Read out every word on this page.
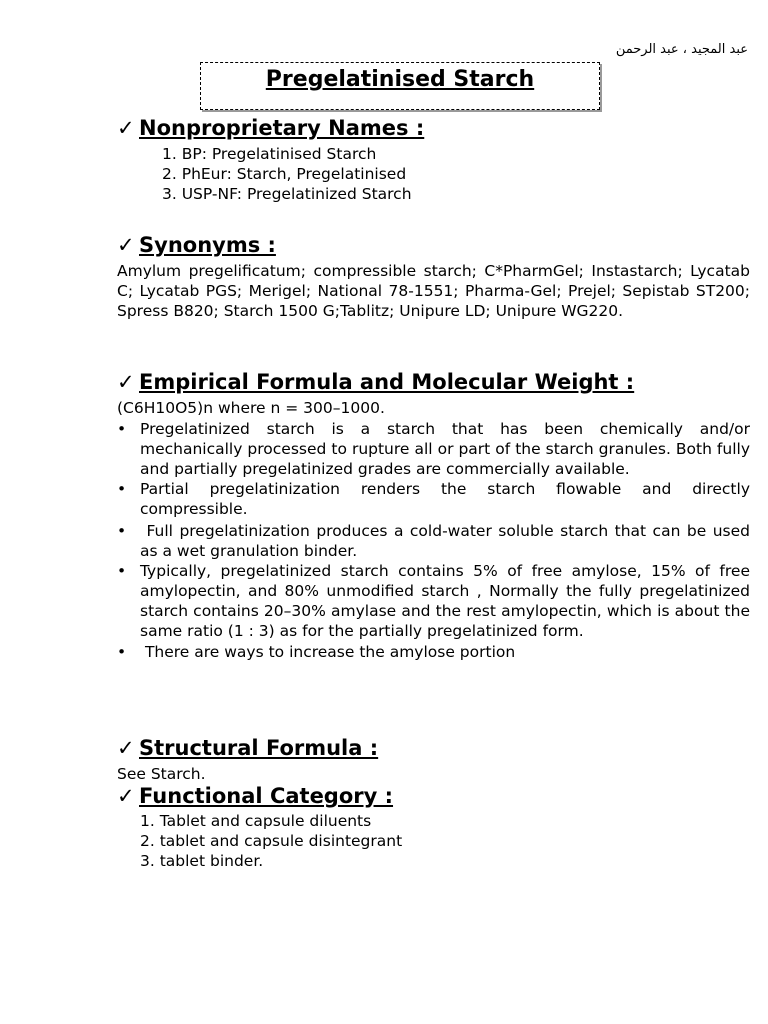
عبد المجيد ، عبد الرحمن
Pregelatinised Starch
✓ Nonproprietary Names :
1. BP: Pregelatinised Starch
2. PhEur: Starch, Pregelatinised
3. USP-NF: Pregelatinized Starch
✓ Synonyms :

Amylum pregelificatum; compressible starch; C*PharmGel; Instastarch; Lycatab C; Lycatab PGS; Merigel; National 78-1551; Pharma-Gel; Prejel; Sepistab ST200; Spress B820; Starch 1500 G;Tablitz; Unipure LD; Unipure WG220.

✓ Empirical Formula and Molecular Weight :

(C6H10O5)n where n = 300–1000.

• Pregelatinized starch is a starch that has been chemically and/or mechanically processed to rupture all or part of the starch granules. Both fully and partially pregelatinized grades are commercially available.
• Partial pregelatinization renders the starch flowable and directly compressible.
• Full pregelatinization produces a cold-water soluble starch that can be used as a wet granulation binder.
• Typically, pregelatinized starch contains 5% of free amylose, 15% of free amylopectin, and 80% unmodified starch , Normally the fully pregelatinized starch contains 20–30% amylase and the rest amylopectin, which is about the same ratio (1 : 3) as for the partially pregelatinized form.
• There are ways to increase the amylose portion
✓ Structural Formula :

See Starch.

✓ Functional Category :
1. Tablet and capsule diluents
2. tablet and capsule disintegrant
3. tablet binder.
